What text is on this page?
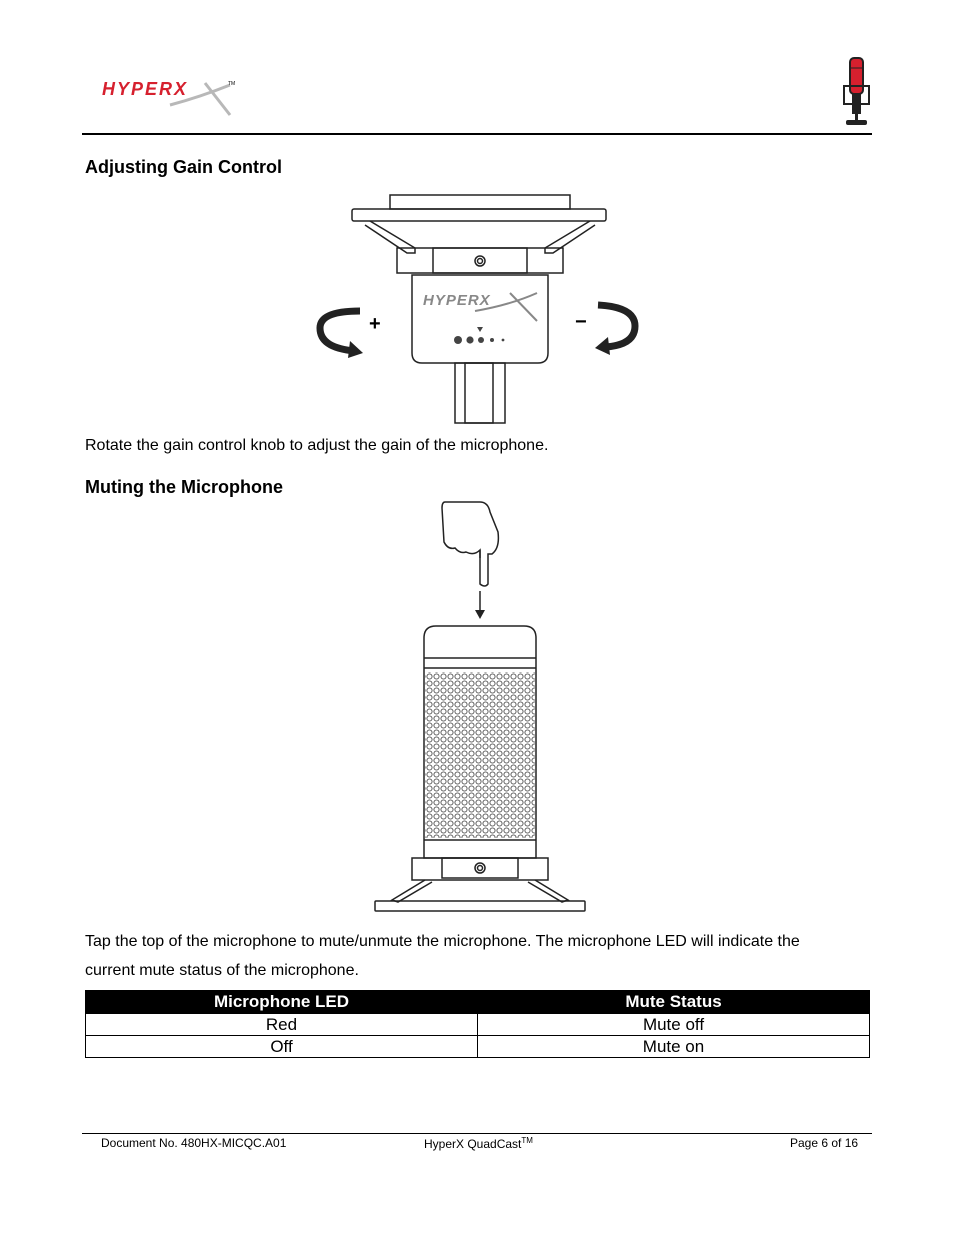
HYPERX	TM
Adjusting Gain Control
HYPERX
+	−
Rotate the gain control knob to adjust the gain of the microphone.
Muting the Microphone
Tap the top of the microphone to mute/unmute the microphone. The microphone LED will indicate the
current mute status of the microphone.
Microphone LED	Mute Status
Red	Mute off
Off	Mute on
Document No. 480HX-MICQC.A01	HyperX QuadCast™	Page 6 of 16
